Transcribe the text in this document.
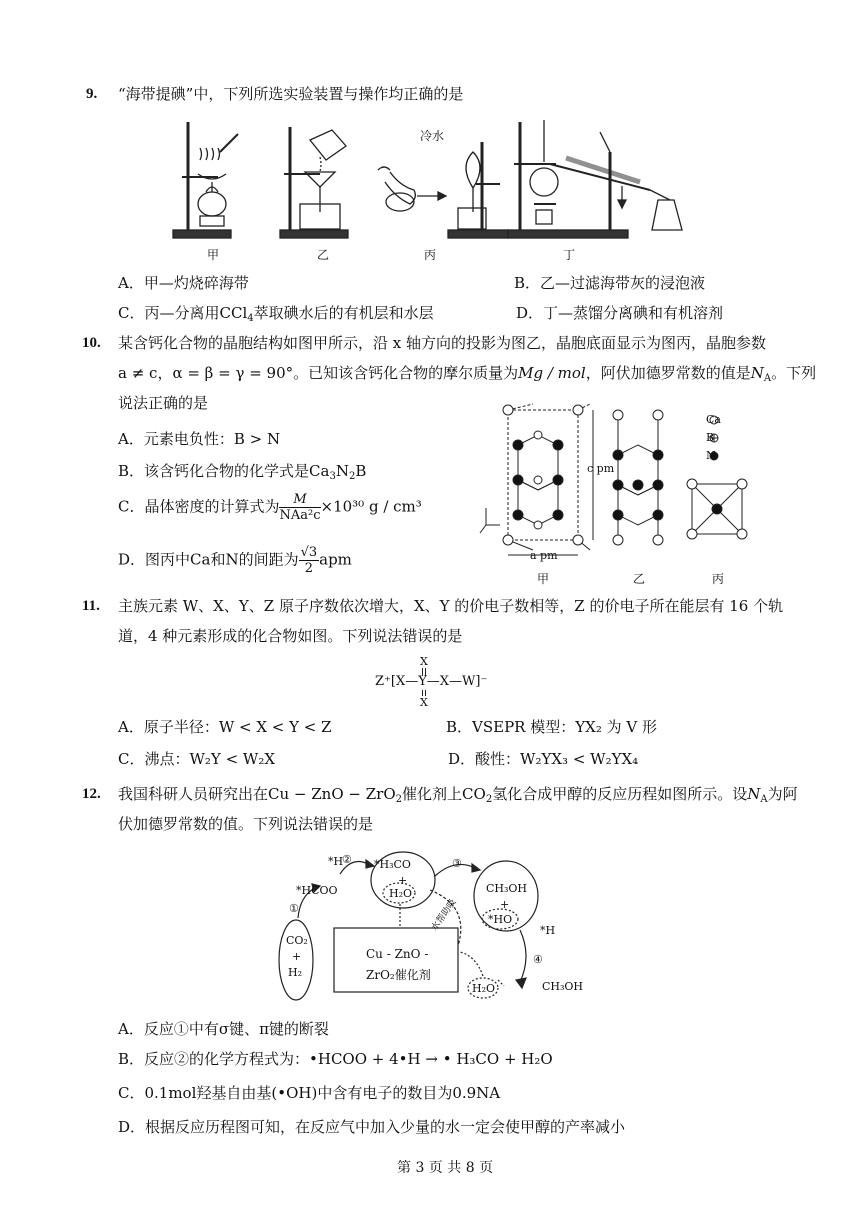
9. “海带提碘”中，下列所选实验装置与操作均正确的是
冷水
甲	乙	丙	丁
A．甲—灼烧碎海带	B．乙—过滤海带灰的浸泡液
C．丙—分离用CCl$_4$萃取碘水后的有机层和水层	D．丁—蒸馏分离碘和有机溶剂
10. 某含钙化合物的晶胞结构如图甲所示，沿 x 轴方向的投影为图乙，晶胞底面显示为图丙，晶胞参数
a ≠ c，α = β = γ = 90°。已知该含钙化合物的摩尔质量为Mg / mol，阿伏加德罗常数的值是$N_A$。下列
说法正确的是
A．元素电负性：B > N
B．该含钙化合物的化学式是$Ca_3N_2B$
C．晶体密度的计算式为 $\frac{M}{\text{NAa²c}} \times 10^{30}$ g / cm³
D．图丙中Ca和N的间距为 $\frac{√3}{2}$ apm
Ca
B
N
c pm
a pm
甲	乙	丙
11. 主族元素 W、X、Y、Z 原子序数依次增大，X、Y 的价电子数相等，Z 的价电子所在能层有 16 个轨
道，4 种元素形成的化合物如图。下列说法错误的是
X
X
Z⁺[X—Y—X—W]⁻
A．原子半径：W < X < Y < Z	B．VSEPR 模型：YX₂ 为 V 形
C．沸点：W₂Y < W₂X	D．酸性：W₂YX₃ < W₂YX₄
12. 我国科研人员研究出在Cu − ZnO − ZrO$_2$催化剂上$CO_2$氢化合成甲醇的反应历程如图所示。设$N_A$为阿
伏加德罗常数的值。下列说法错误的是
*H
②
*HCOO
*H₃CO
+
H₂O
③
CH₃OH
+
*HO
水帮助吸
①
CO₂
+
H₂
Cu - ZnO -
ZrO₂催化剂
*H
④
H₂O	CH₃OH
A．反应①中有σ键、π键的断裂
B．反应②的化学方程式为：•HCOO + 4•H → • H₃CO + H₂O
C．0.1mol羟基自由基(•OH)中含有电子的数目为0.9NA
D．根据反应历程图可知，在反应气中加入少量的水一定会使甲醇的产率减小
第 3 页 共 8 页
